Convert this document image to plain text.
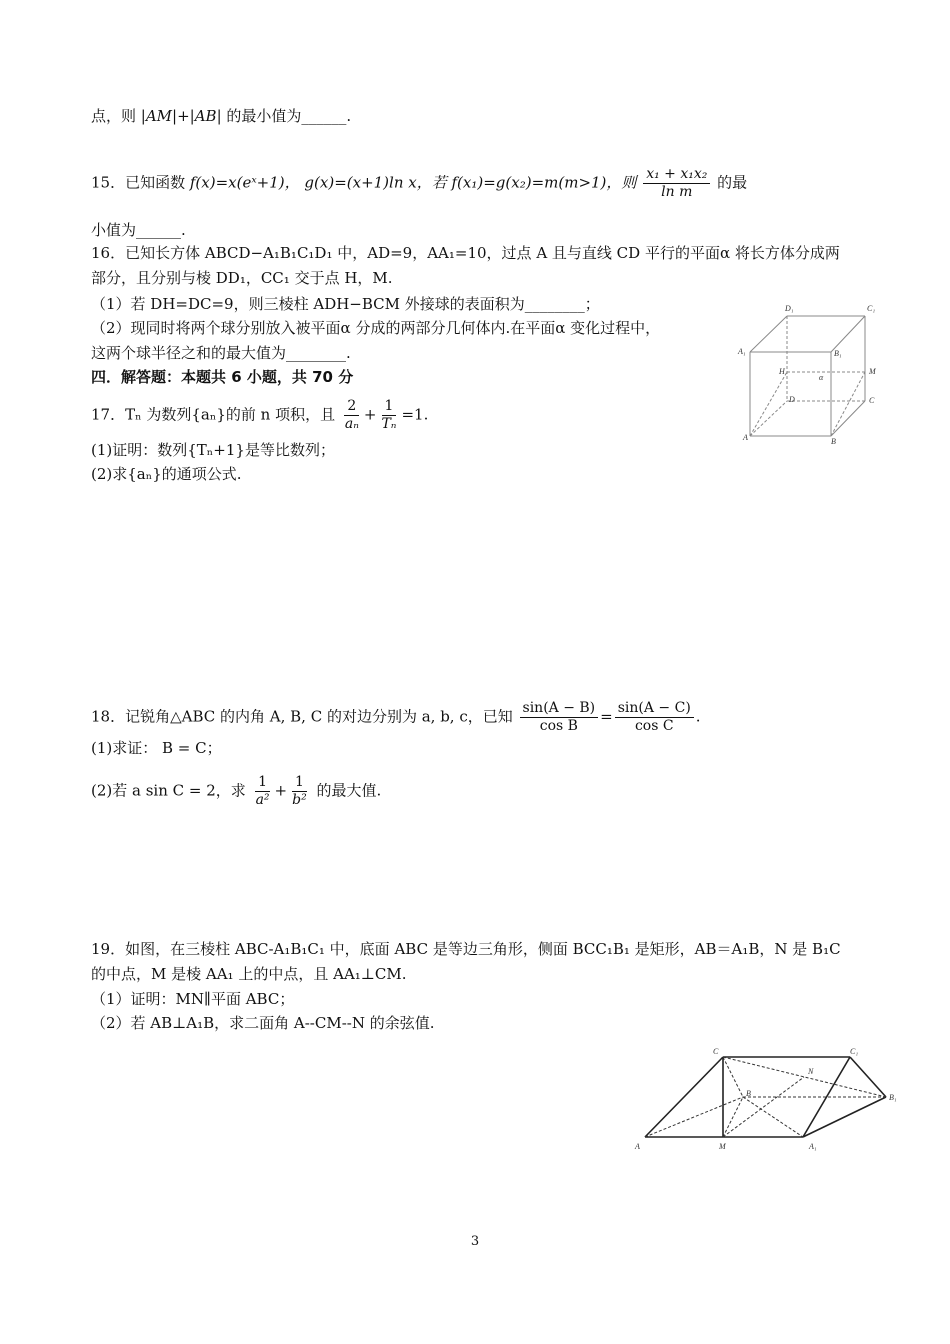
点，则 |AM|+|AB| 的最小值为______.
15．已知函数 f(x)=x(eˣ+1)， g(x)=(x+1)ln x，若 f(x₁)=g(x₂)=m(m>1)，则 $\frac{\text{x₁ + x₁x₂}}{\text{ln m}}$ 的最
小值为______.
16．已知长方体 ABCD−A₁B₁C₁D₁ 中，AD=9，AA₁=10，过点 A 且与直线 CD 平行的平面α 将长方体分成两
部分，且分别与棱 DD₁，CC₁ 交于点 H，M.
（1）若 DH=DC=9，则三棱柱 ADH−BCM 外接球的表面积为________；
（2）现同时将两个球分别放入被平面α 分成的两部分几何体内.在平面α 变化过程中，
这两个球半径之和的最大值为________.
四．解答题：本题共 6 小题，共 70 分
17．Tₙ 为数列{aₙ}的前 n 项积，且 $\frac{2}{\text{aₙ}} + \frac{1}{\text{Tₙ}} =1$.
(1)证明：数列{Tₙ+1}是等比数列；
(2)求{aₙ}的通项公式.
18．记锐角△ABC 的内角 A, B, C 的对边分别为 a, b, c，已知 $\frac{\sin(A - B)}{\text{cos B}} = \frac{\sin(A - C)}{\text{cos C}}$ .
(1)求证： B = C；
(2)若 a sin C = 2，求 $\frac{1}{\text{a²}} + \frac{1}{\text{b²}}$ 的最大值.
19．如图，在三棱柱 ABC-A₁B₁C₁ 中，底面 ABC 是等边三角形，侧面 BCC₁B₁ 是矩形，AB＝A₁B，N 是 B₁C
的中点，M 是棱 AA₁ 上的中点，且 AA₁⊥CM.
（1）证明：MN∥平面 ABC；
（2）若 AB⊥A₁B，求二面角 A--CM--N 的余弦值.
D₁	C₁
A₁	B₁
H
α
M
D	C
A	B
C	C₁
N
B	B₁
A	M	A₁
3
